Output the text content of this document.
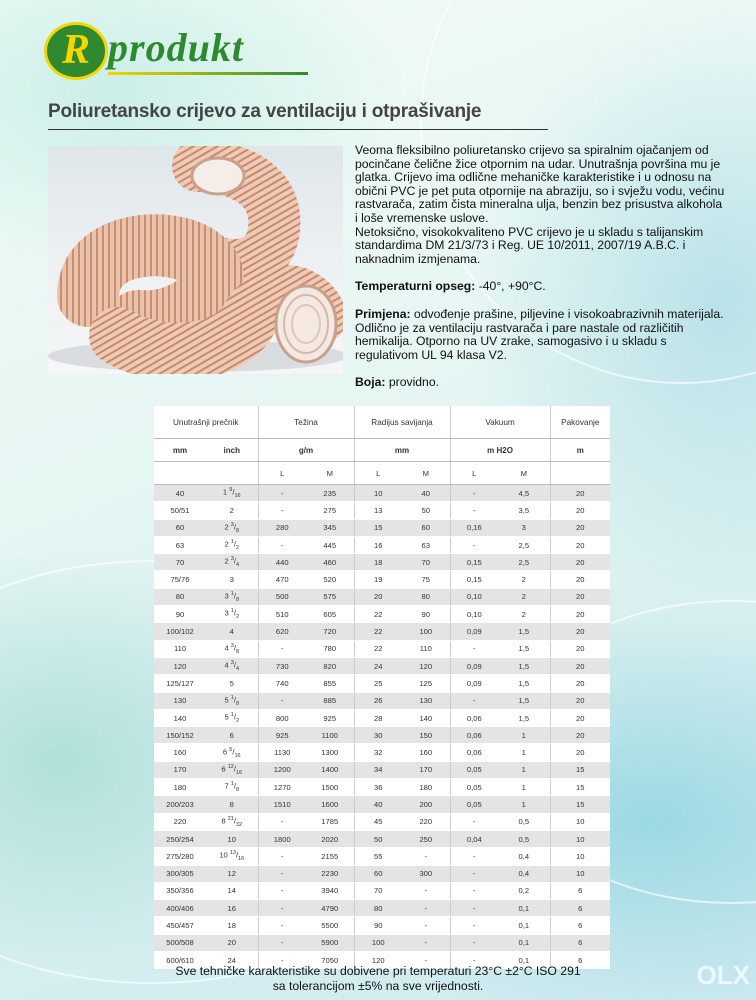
R produkt
Poliuretansko crijevo za ventilaciju i otprašivanje

Veoma fleksibilno poliuretansko crijevo sa spiralnim ojačanjem od pocinčane čelične žice otpornim na udar. Unutrašnja površina mu je glatka. Crijevo ima odlične mehaničke karakteristike i u odnosu na obični PVC je pet puta otpornije na abraziju, so i svježu vodu, većinu rastvarača, zatim čista mineralna ulja, benzin bez prisustva alkohola i loše vremenske uslove.

Netoksično, visokokvaliteno PVC crijevo je u skladu s talijanskim standardima DM 21/3/73 i Reg. UE 10/2011, 2007/19 A.B.C. i naknadnim izmjenama.

Temperaturni opseg: -40°, +90°C.

Primjena: odvođenje prašine, piljevine i visokoabrazivnih materijala. Odlično je za ventilaciju rastvarača i pare nastale od različitih hemikalija. Otporno na UV zrake, samogasivo i u skladu s regulativom UL 94 klasa V2.

Boja: providno.

Unutrašnji prečnik		Težina		Radijus savijanja		Vakuum		Pakovanje
mm	inch	g/m		mm		m H2O		m
		L	M	L	M	L	M	
40	1 $^9/_{16}$	-	235	10	40	-	4,5	20
50/51	2	-	275	13	50	-	3,5	20
60	2 $^3/_8$	280	345	15	60	0,16	3	20
63	2 $^1/_2$	-	445	16	63	-	2,5	20
70	2 $^3/_4$	440	460	18	70	0,15	2,5	20
75/76	3	470	520	19	75	0,15	2	20
80	3 $^1/_8$	500	575	20	80	0,10	2	20
90	3 $^1/_2$	510	605	22	90	0,10	2	20
100/102	4	620	720	22	100	0,09	1,5	20
110	4 $^3/_8$	-	780	22	110	-	1,5	20
120	4 $^3/_4$	730	820	24	120	0,09	1,5	20
125/127	5	740	855	25	125	0,09	1,5	20
130	5 $^1/_8$	-	885	26	130	-	1,5	20
140	5 $^1/_2$	800	925	28	140	0,06	1,5	20
150/152	6	925	1100	30	150	0,06	1	20
160	6 $^5/_{16}$	1130	1300	32	160	0,06	1	20
170	6 $^{12}/_{16}$	1200	1400	34	170	0,05	1	15
180	7 $^1/_8$	1270	1500	36	180	0,05	1	15
200/203	8	1510	1600	40	200	0,05	1	15
220	8 $^{21}/_{32}$	-	1785	45	220	-	0,5	10
250/254	10	1800	2020	50	250	0,04	0,5	10
275/280	10 $^{13}/_{16}$	-	2155	55	-	-	0,4	10
300/305	12	-	2230	60	300	-	0,4	10
350/356	14	-	3940	70	-	-	0,2	6
400/406	16	-	4790	80	-	-	0,1	6
450/457	18	-	5500	90	-	-	0,1	6
500/508	20	-	5900	100	-	-	0,1	6
600/610	24	-	7050	120	-	-	0,1	6
Sve tehničke karakteristike su dobivene pri temperaturi 23°C ±2°C ISO 291
sa tolerancijom ±5% na sve vrijednosti.	OLX
